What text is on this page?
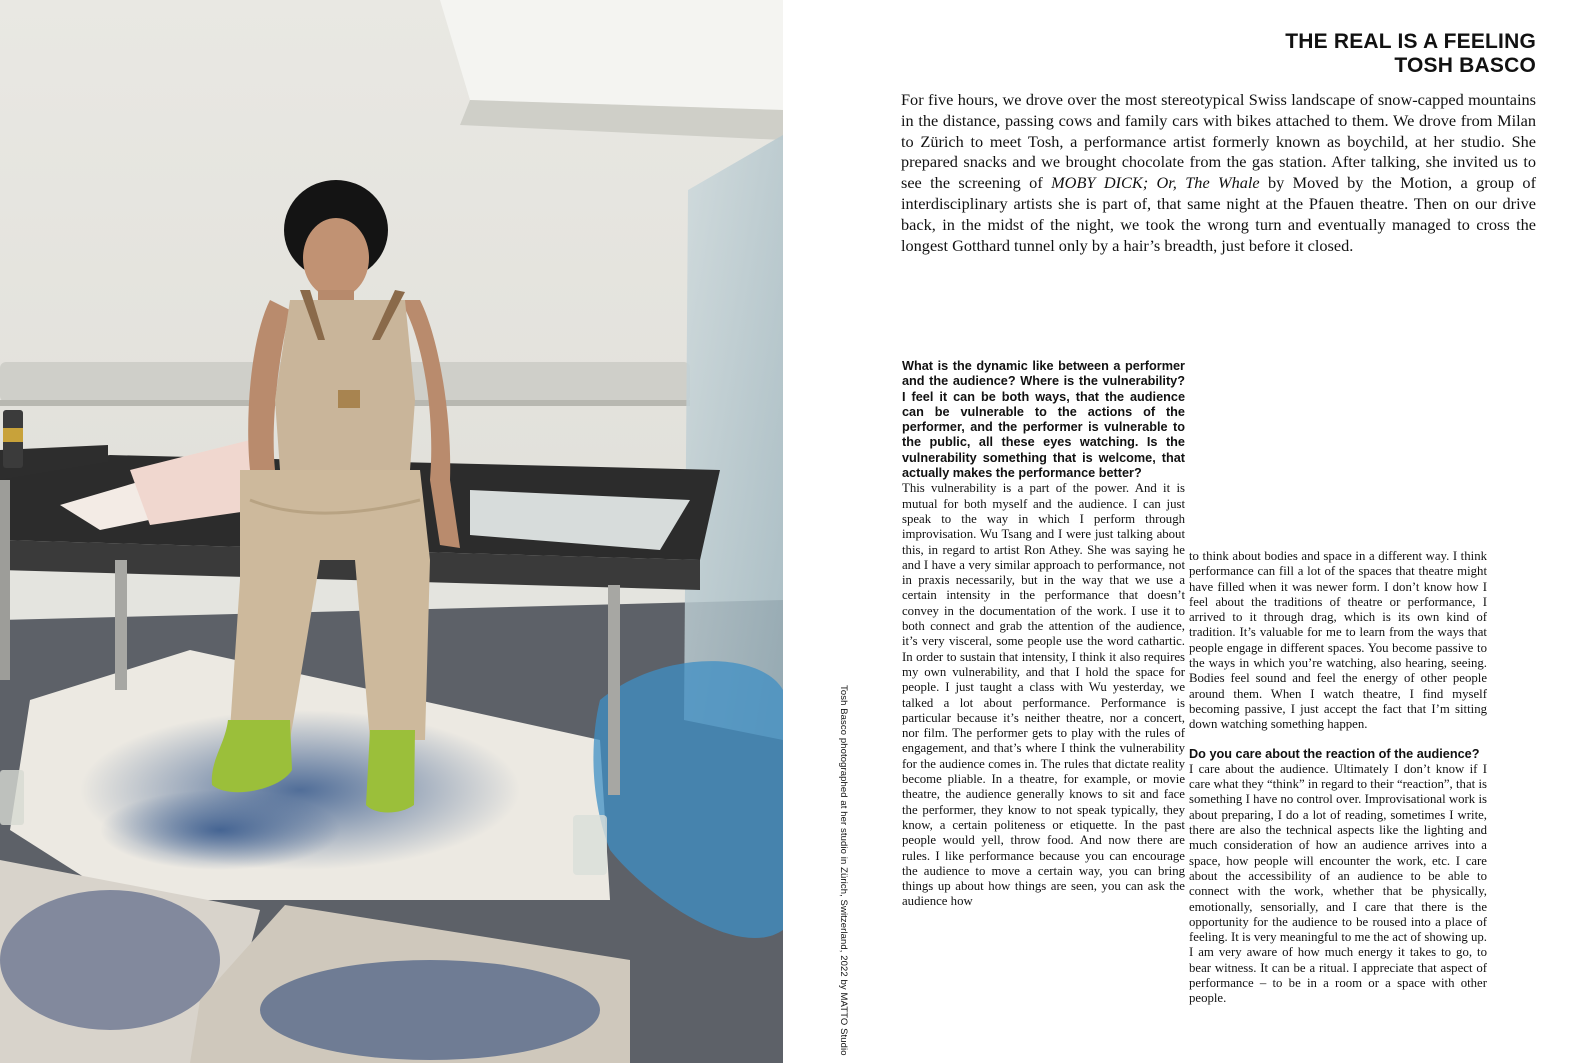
Tosh Basco photographed at her studio in Zürich, Switzerland, 2022 by MATTO Studio
THE REAL IS A FEELING
TOSH BASCO
For five hours, we drove over the most stereotypical Swiss landscape of snow-capped mountains in the distance, passing cows and family cars with bikes attached to them. We drove from Milan to Zürich to meet Tosh, a performance artist formerly known as boychild, at her studio. She prepared snacks and we brought chocolate from the gas station. After talking, she invited us to see the screening of MOBY DICK; Or, The Whale by Moved by the Motion, a group of interdisciplinary artists she is part of, that same night at the Pfauen theatre. Then on our drive back, in the midst of the night, we took the wrong turn and eventually managed to cross the longest Gotthard tunnel only by a hair’s breadth, just before it closed.
What is the dynamic like between a performer and the audience? Where is the vulnerability? I feel it can be both ways, that the audience can be vulnerable to the actions of the performer, and the performer is vulnerable to the public, all these eyes watching. Is the vulnerability something that is welcome, that actually makes the performance better?

This vulnerability is a part of the power. And it is mutual for both myself and the audience. I can just speak to the way in which I perform through improvisation. Wu Tsang and I were just talking about this, in regard to artist Ron Athey. She was saying he and I have a very similar approach to performance, not in praxis necessarily, but in the way that we use a certain intensity in the performance that doesn’t convey in the documentation of the work. I use it to both connect and grab the attention of the audience, it’s very visceral, some people use the word cathartic. In order to sustain that intensity, I think it also requires my own vulnerability, and that I hold the space for people. I just taught a class with Wu yesterday, we talked a lot about performance. Performance is particular because it’s neither theatre, nor a concert, nor film. The performer gets to play with the rules of engagement, and that’s where I think the vulnerability for the audience comes in. The rules that dictate reality become pliable. In a theatre, for example, or movie theatre, the audience generally knows to sit and face the performer, they know to not speak typically, they know, a certain politeness or etiquette. In the past people would yell, throw food. And now there are rules. I like performance because you can encourage the audience to move a certain way, you can bring things up about how things are seen, you can ask the audience how

to think about bodies and space in a different way. I think performance can fill a lot of the spaces that theatre might have filled when it was newer form. I don’t know how I feel about the traditions of theatre or performance, I arrived to it through drag, which is its own kind of tradition. It’s valuable for me to learn from the ways that people engage in different spaces. You become passive to the ways in which you’re watching, also hearing, seeing. Bodies feel sound and feel the energy of other people around them. When I watch theatre, I find myself becoming passive, I just accept the fact that I’m sitting down watching something happen.

Do you care about the reaction of the audience?

I care about the audience. Ultimately I don’t know if I care what they “think” in regard to their “reaction”, that is something I have no control over. Improvisational work is about preparing, I do a lot of reading, sometimes I write, there are also the technical aspects like the lighting and much consideration of how an audience arrives into a space, how people will encounter the work, etc. I care about the accessibility of an audience to be able to connect with the work, whether that be physically, emotionally, sensorially, and I care that there is the opportunity for the audience to be roused into a place of feeling. It is very meaningful to me the act of showing up. I am very aware of how much energy it takes to go, to bear witness. It can be a ritual. I appreciate that aspect of performance – to be in a room or a space with other people.
